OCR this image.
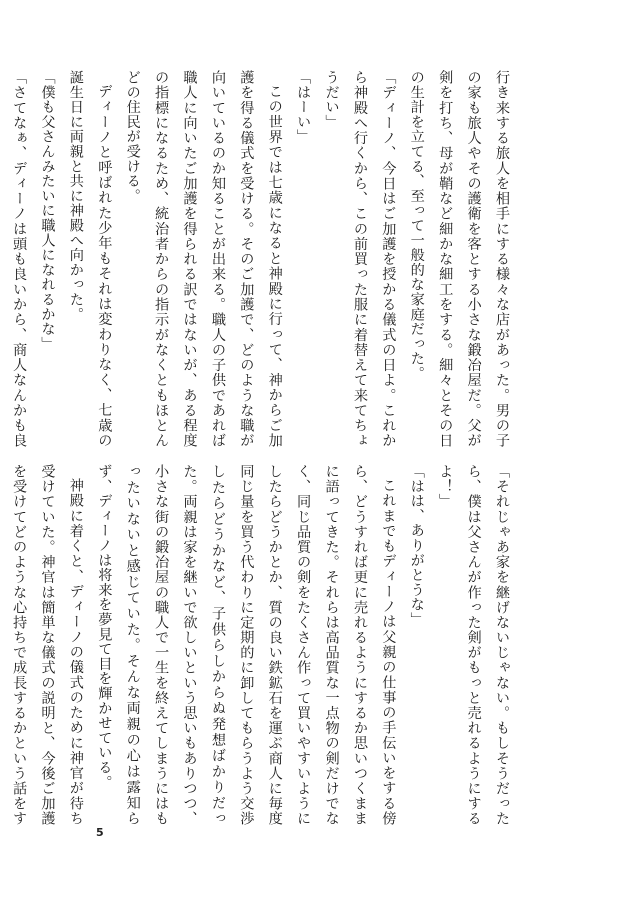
行き来する旅人を相手にする様々な店があった。男の子の家も旅人やその護衛を客とする小さな鍛冶屋だ。父が剣を打ち、母が鞘など細かな細工をする。細々とその日の生計を立てる、至って一般的な家庭だった。

「ディーノ、今日はご加護を授かる儀式の日よ。これから神殿へ行くから、この前買った服に着替えて来てちょうだい」

「はーい」

この世界では七歳になると神殿に行って、神からご加護を得る儀式を受ける。そのご加護で、どのような職が向いているのか知ることが出来る。職人の子供であれば職人に向いたご加護を得られる訳ではないが、ある程度の指標になるため、統治者からの指示がなくともほとんどの住民が受ける。

ディーノと呼ばれた少年もそれは変わりなく、七歳の誕生日に両親と共に神殿へ向かった。

「僕も父さんみたいに職人になれるかな」

「さてなぁ、ディーノは頭も良いから、商人なんかも良

「それじゃあ家を継げないじゃない。もしそうだったら、僕は父さんが作った剣がもっと売れるようにするよ！」

「はは、ありがとうな」

これまでもディーノは父親の仕事の手伝いをする傍ら、どうすれば更に売れるようにするか思いつくままに語ってきた。それらは高品質な一点物の剣だけでなく、同じ品質の剣をたくさん作って買いやすいようにしたらどうかとか、質の良い鉄鉱石を運ぶ商人に毎度同じ量を買う代わりに定期的に卸してもらうよう交渉したらどうかなど、子供らしからぬ発想ばかりだった。両親は家を継いで欲しいという思いもありつつ、小さな街の鍛冶屋の職人で一生を終えてしまうにはもったいないと感じていた。そんな両親の心は露知らず、ディーノは将来を夢見て目を輝かせている。

神殿に着くと、ディーノの儀式のために神官が待ち受けていた。神官は簡単な儀式の説明と、今後ご加護を受けてどのような心持ちで成長するかという話をす

5
